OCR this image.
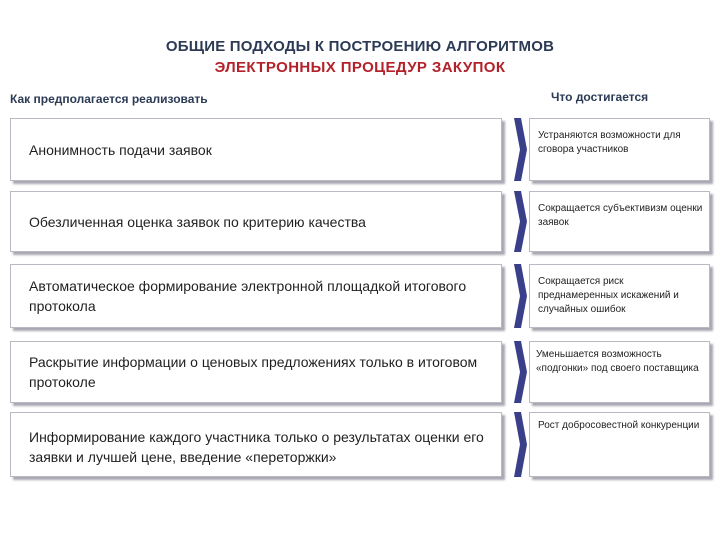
ОБЩИЕ ПОДХОДЫ К ПОСТРОЕНИЮ АЛГОРИТМОВ
ЭЛЕКТРОННЫХ ПРОЦЕДУР ЗАКУПОК
Как предполагается реализовать	Что достигается
Анонимность подачи заявок
Устраняются возможности для сговора участников
Обезличенная оценка заявок по критерию качества
Сокращается субъективизм оценки заявок
Автоматическое формирование электронной площадкой итогового протокола
Сокращается риск преднамеренных искажений и случайных ошибок
Раскрытие информации о ценовых предложениях только в итоговом протоколе
Уменьшается возможность «подгонки» под своего поставщика
Информирование каждого участника только о результатах оценки его заявки и лучшей цене, введение «переторжки»
Рост добросовестной конкуренции
